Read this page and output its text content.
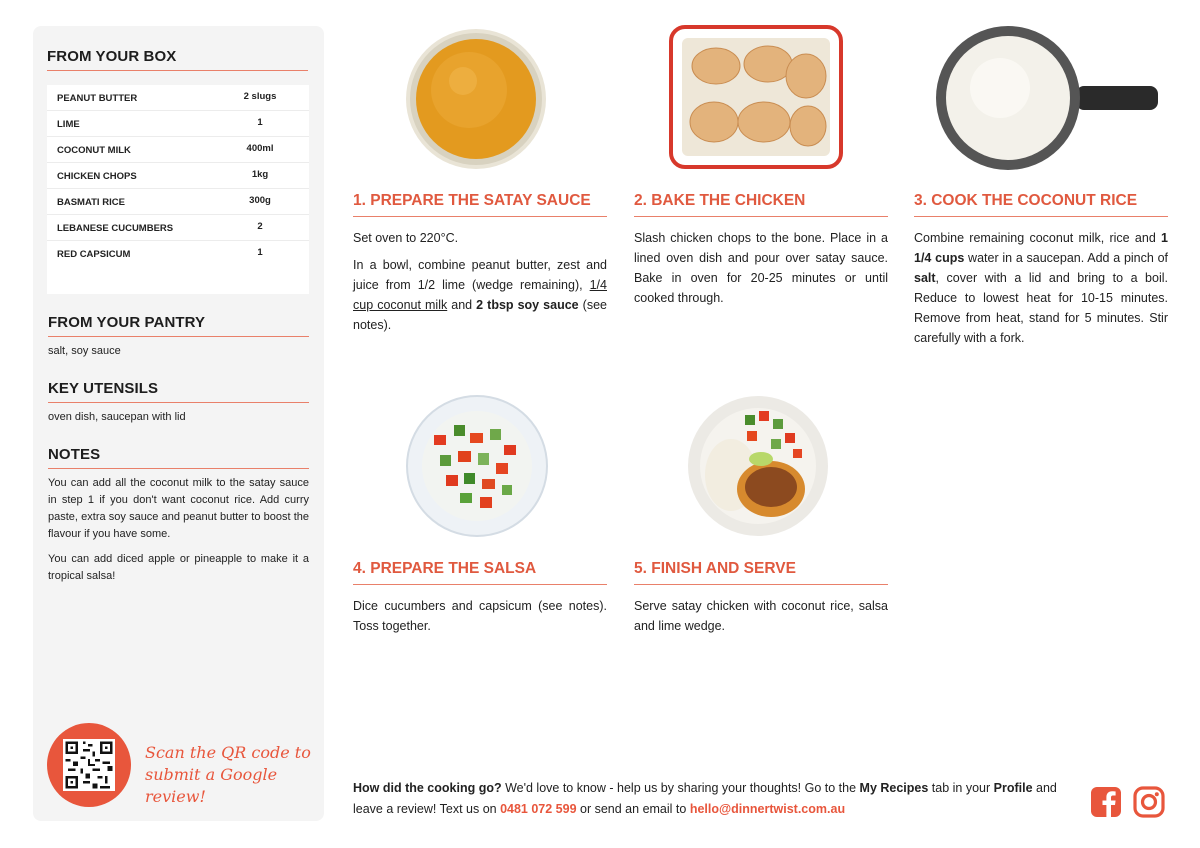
FROM YOUR BOX
PEANUT BUTTER	2 slugs
LIME	1
COCONUT MILK	400ml
CHICKEN CHOPS	1kg
BASMATI RICE	300g
LEBANESE CUCUMBERS	2
RED CAPSICUM	1
FROM YOUR PANTRY
salt, soy sauce
KEY UTENSILS
oven dish, saucepan with lid
NOTES
You can add all the coconut milk to the satay sauce in step 1 if you don't want coconut rice. Add curry paste, extra soy sauce and peanut butter to boost the flavour if you have some.
You can add diced apple or pineapple to make it a tropical salsa!
Scan the QR code to
submit a Google review!
1. PREPARE THE SATAY SAUCE

Set oven to 220°C.

In a bowl, combine peanut butter, zest and juice from 1/2 lime (wedge remaining), 1/4 cup coconut milk and 2 tbsp soy sauce (see notes).

2. BAKE THE CHICKEN

Slash chicken chops to the bone. Place in a lined oven dish and pour over satay sauce. Bake in oven for 20-25 minutes or until cooked through.

3. COOK THE COCONUT RICE

Combine remaining coconut milk, rice and 1 1/4 cups water in a saucepan. Add a pinch of salt, cover with a lid and bring to a boil. Reduce to lowest heat for 10-15 minutes. Remove from heat, stand for 5 minutes. Stir carefully with a fork.

4. PREPARE THE SALSA

Dice cucumbers and capsicum (see notes). Toss together.

5. FINISH AND SERVE

Serve satay chicken with coconut rice, salsa and lime wedge.

How did the cooking go? We'd love to know - help us by sharing your thoughts! Go to the My Recipes tab in your Profile and leave a review! Text us on 0481 072 599 or send an email to hello@dinnertwist.com.au
